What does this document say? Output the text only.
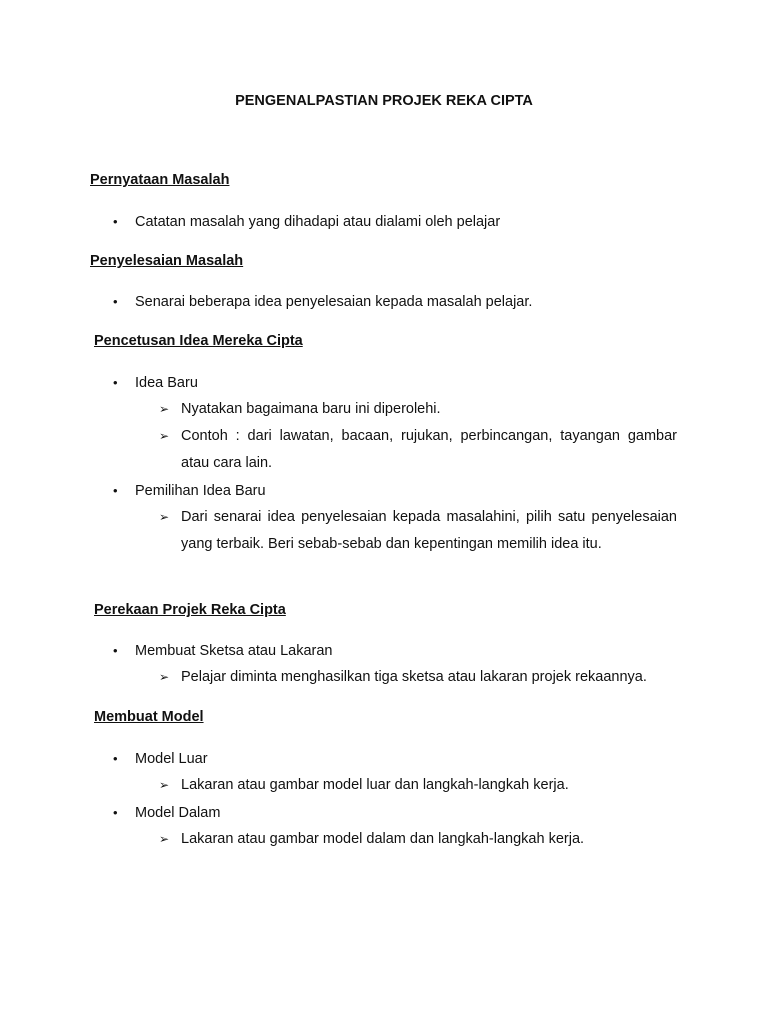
PENGENALPASTIAN PROJEK REKA CIPTA

Pernyataan Masalah

• Catatan masalah yang dihadapi atau dialami oleh pelajar

Penyelesaian Masalah

• Senarai beberapa idea penyelesaian kepada masalah pelajar.

Pencetusan Idea Mereka Cipta

• Idea Baru
➢ Nyatakan bagaimana baru ini diperolehi.
➢ Contoh : dari lawatan, bacaan, rujukan, perbincangan, tayangan gambar atau cara lain.
• Pemilihan Idea Baru
➢ Dari senarai idea penyelesaian kepada masalahini, pilih satu penyelesaian yang terbaik. Beri sebab-sebab dan kepentingan memilih idea itu.

Perekaan Projek Reka Cipta

• Membuat Sketsa atau Lakaran
➢ Pelajar diminta menghasilkan tiga sketsa atau lakaran projek rekaannya.

Membuat Model

• Model Luar
➢ Lakaran atau gambar model luar dan langkah-langkah kerja.
• Model Dalam
➢ Lakaran atau gambar model dalam dan langkah-langkah kerja.
